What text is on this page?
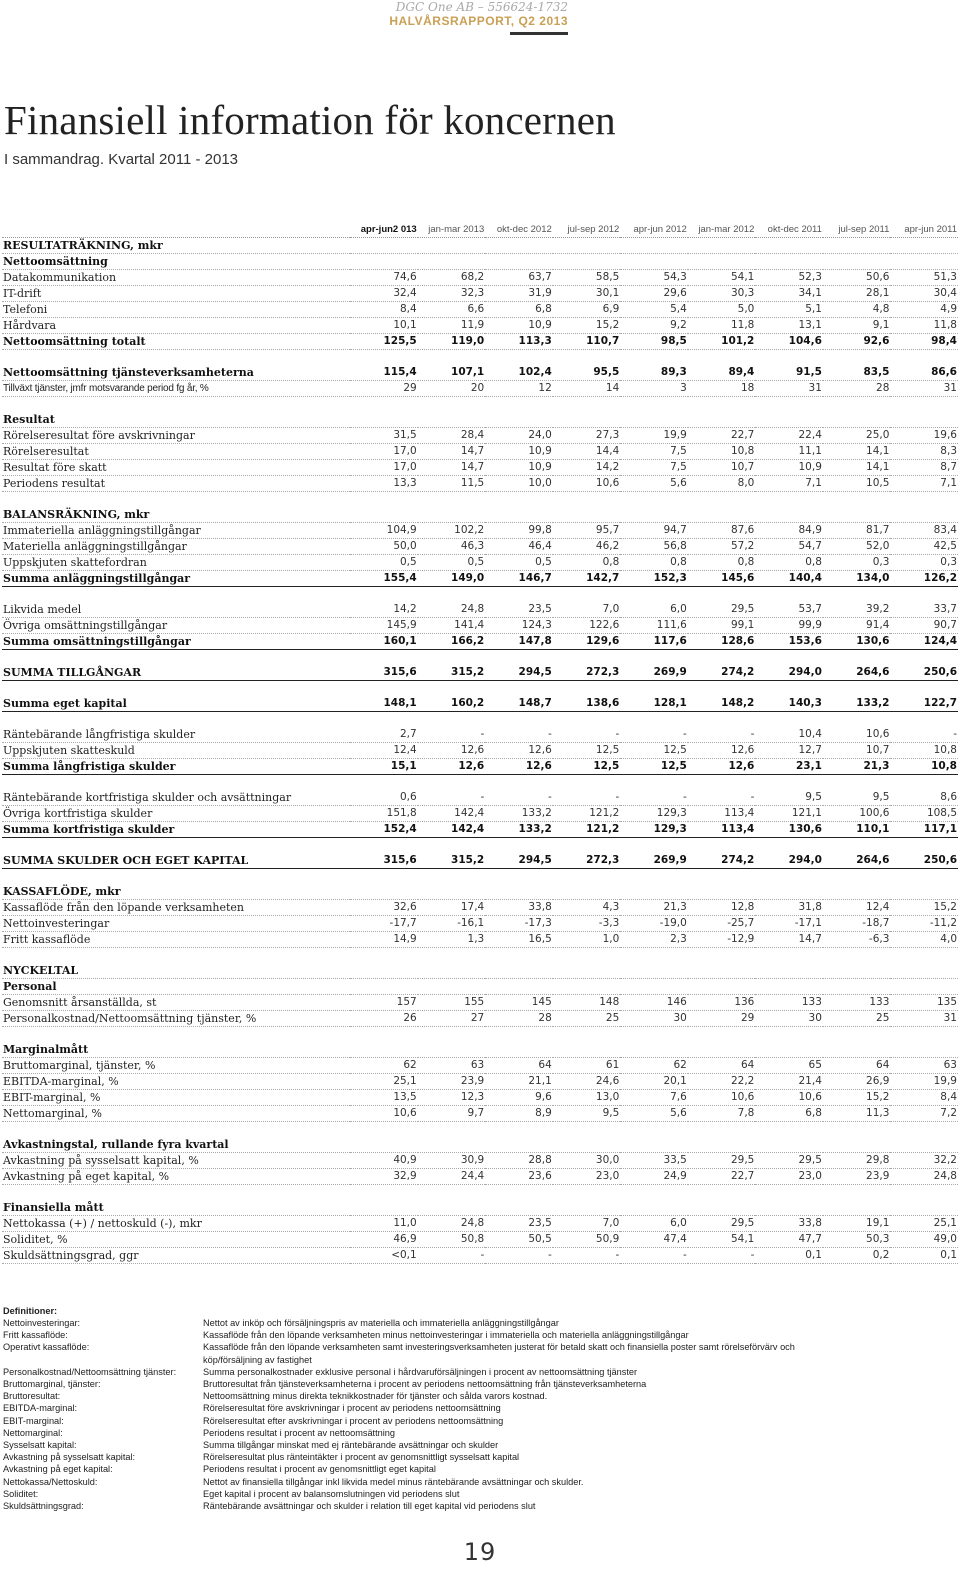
DGC One AB – 556624-1732
HALVÅRSRAPPORT, Q2 2013
Finansiell information för koncernen
I sammandrag. Kvartal 2011 - 2013
	apr-jun2 013	jan-mar 2013	okt-dec 2012	jul-sep 2012	apr-jun 2012	jan-mar 2012	okt-dec 2011	jul-sep 2011	apr-jun 2011
RESULTATRÄKNING, mkr									
Nettoomsättning									
Datakommunikation	74,6	68,2	63,7	58,5	54,3	54,1	52,3	50,6	51,3
IT-drift	32,4	32,3	31,9	30,1	29,6	30,3	34,1	28,1	30,4
Telefoni	8,4	6,6	6,8	6,9	5,4	5,0	5,1	4,8	4,9
Hårdvara	10,1	11,9	10,9	15,2	9,2	11,8	13,1	9,1	11,8
Nettoomsättning totalt	125,5	119,0	113,3	110,7	98,5	101,2	104,6	92,6	98,4

Nettoomsättning tjänsteverksamheterna	115,4	107,1	102,4	95,5	89,3	89,4	91,5	83,5	86,6
Tillväxt tjänster, jmfr motsvarande period fg år, %	29	20	12	14	3	18	31	28	31

Resultat									
Rörelseresultat före avskrivningar	31,5	28,4	24,0	27,3	19,9	22,7	22,4	25,0	19,6
Rörelseresultat	17,0	14,7	10,9	14,4	7,5	10,8	11,1	14,1	8,3
Resultat före skatt	17,0	14,7	10,9	14,2	7,5	10,7	10,9	14,1	8,7
Periodens resultat	13,3	11,5	10,0	10,6	5,6	8,0	7,1	10,5	7,1

BALANSRÄKNING, mkr									
Immateriella anläggningstillgångar	104,9	102,2	99,8	95,7	94,7	87,6	84,9	81,7	83,4
Materiella anläggningstillgångar	50,0	46,3	46,4	46,2	56,8	57,2	54,7	52,0	42,5
Uppskjuten skattefordran	0,5	0,5	0,5	0,8	0,8	0,8	0,8	0,3	0,3
Summa anläggningstillgångar	155,4	149,0	146,7	142,7	152,3	145,6	140,4	134,0	126,2

Likvida medel	14,2	24,8	23,5	7,0	6,0	29,5	53,7	39,2	33,7
Övriga omsättningstillgångar	145,9	141,4	124,3	122,6	111,6	99,1	99,9	91,4	90,7
Summa omsättningstillgångar	160,1	166,2	147,8	129,6	117,6	128,6	153,6	130,6	124,4

SUMMA TILLGÅNGAR	315,6	315,2	294,5	272,3	269,9	274,2	294,0	264,6	250,6

Summa eget kapital	148,1	160,2	148,7	138,6	128,1	148,2	140,3	133,2	122,7

Räntebärande långfristiga skulder	2,7	-	-	-	-	-	10,4	10,6	-
Uppskjuten skatteskuld	12,4	12,6	12,6	12,5	12,5	12,6	12,7	10,7	10,8
Summa långfristiga skulder	15,1	12,6	12,6	12,5	12,5	12,6	23,1	21,3	10,8

Räntebärande kortfristiga skulder och avsättningar	0,6	-	-	-	-	-	9,5	9,5	8,6
Övriga kortfristiga skulder	151,8	142,4	133,2	121,2	129,3	113,4	121,1	100,6	108,5
Summa kortfristiga skulder	152,4	142,4	133,2	121,2	129,3	113,4	130,6	110,1	117,1

SUMMA SKULDER OCH EGET KAPITAL	315,6	315,2	294,5	272,3	269,9	274,2	294,0	264,6	250,6

KASSAFLÖDE, mkr									
Kassaflöde från den löpande verksamheten	32,6	17,4	33,8	4,3	21,3	12,8	31,8	12,4	15,2
Nettoinvesteringar	-17,7	-16,1	-17,3	-3,3	-19,0	-25,7	-17,1	-18,7	-11,2
Fritt kassaflöde	14,9	1,3	16,5	1,0	2,3	-12,9	14,7	-6,3	4,0

NYCKELTAL									
Personal									
Genomsnitt årsanställda, st	157	155	145	148	146	136	133	133	135
Personalkostnad/Nettoomsättning tjänster, %	26	27	28	25	30	29	30	25	31

Marginalmått									
Bruttomarginal, tjänster, %	62	63	64	61	62	64	65	64	63
EBITDA-marginal, %	25,1	23,9	21,1	24,6	20,1	22,2	21,4	26,9	19,9
EBIT-marginal, %	13,5	12,3	9,6	13,0	7,6	10,6	10,6	15,2	8,4
Nettomarginal, %	10,6	9,7	8,9	9,5	5,6	7,8	6,8	11,3	7,2

Avkastningstal, rullande fyra kvartal									
Avkastning på sysselsatt kapital, %	40,9	30,9	28,8	30,0	33,5	29,5	29,5	29,8	32,2
Avkastning på eget kapital, %	32,9	24,4	23,6	23,0	24,9	22,7	23,0	23,9	24,8

Finansiella mått									
Nettokassa (+) / nettoskuld (-), mkr	11,0	24,8	23,5	7,0	6,0	29,5	33,8	19,1	25,1
Soliditet, %	46,9	50,8	50,5	50,9	47,4	54,1	47,7	50,3	49,0
Skuldsättningsgrad, ggr	<0,1	-	-	-	-	-	0,1	0,2	0,1
Definitioner:
Nettoinvesteringar:	Nettot av inköp och försäljningspris av materiella och immateriella anläggningstillgångar
Fritt kassaflöde:	Kassaflöde från den löpande verksamheten minus nettoinvesteringar i immateriella och materiella anläggningstillgångar
Operativt kassaflöde:	Kassaflöde från den löpande verksamheten samt investeringsverksamheten justerat för betald skatt och finansiella poster samt rörelseförvärv och köp/försäljning av fastighet
Personalkostnad/Nettoomsättning tjänster:	Summa personalkostnader exklusive personal i hårdvaruförsäljningen i procent av nettoomsättning tjänster
Bruttomarginal, tjänster:	Bruttoresultat från tjänsteverksamheterna i procent av periodens nettoomsättning från tjänsteverksamheterna
Bruttoresultat:	Nettoomsättning minus direkta teknikkostnader för tjänster och sålda varors kostnad.
EBITDA-marginal:	Rörelseresultat före avskrivningar i procent av periodens nettoomsättning
EBIT-marginal:	Rörelseresultat efter avskrivningar i procent av periodens nettoomsättning
Nettomarginal:	Periodens resultat i procent av nettoomsättning
Sysselsatt kapital:	Summa tillgångar minskat med ej räntebärande avsättningar och skulder
Avkastning på sysselsatt kapital:	Rörelseresultat plus ränteintäkter i procent av genomsnittligt sysselsatt kapital
Avkastning på eget kapital:	Periodens resultat i procent av genomsnittligt eget kapital
Nettokassa/Nettoskuld:	Nettot av finansiella tillgångar inkl likvida medel minus räntebärande avsättningar och skulder.
Soliditet:	Eget kapital i procent av balansomslutningen vid periodens slut
Skuldsättningsgrad:	Räntebärande avsättningar och skulder i relation till eget kapital vid periodens slut
19
